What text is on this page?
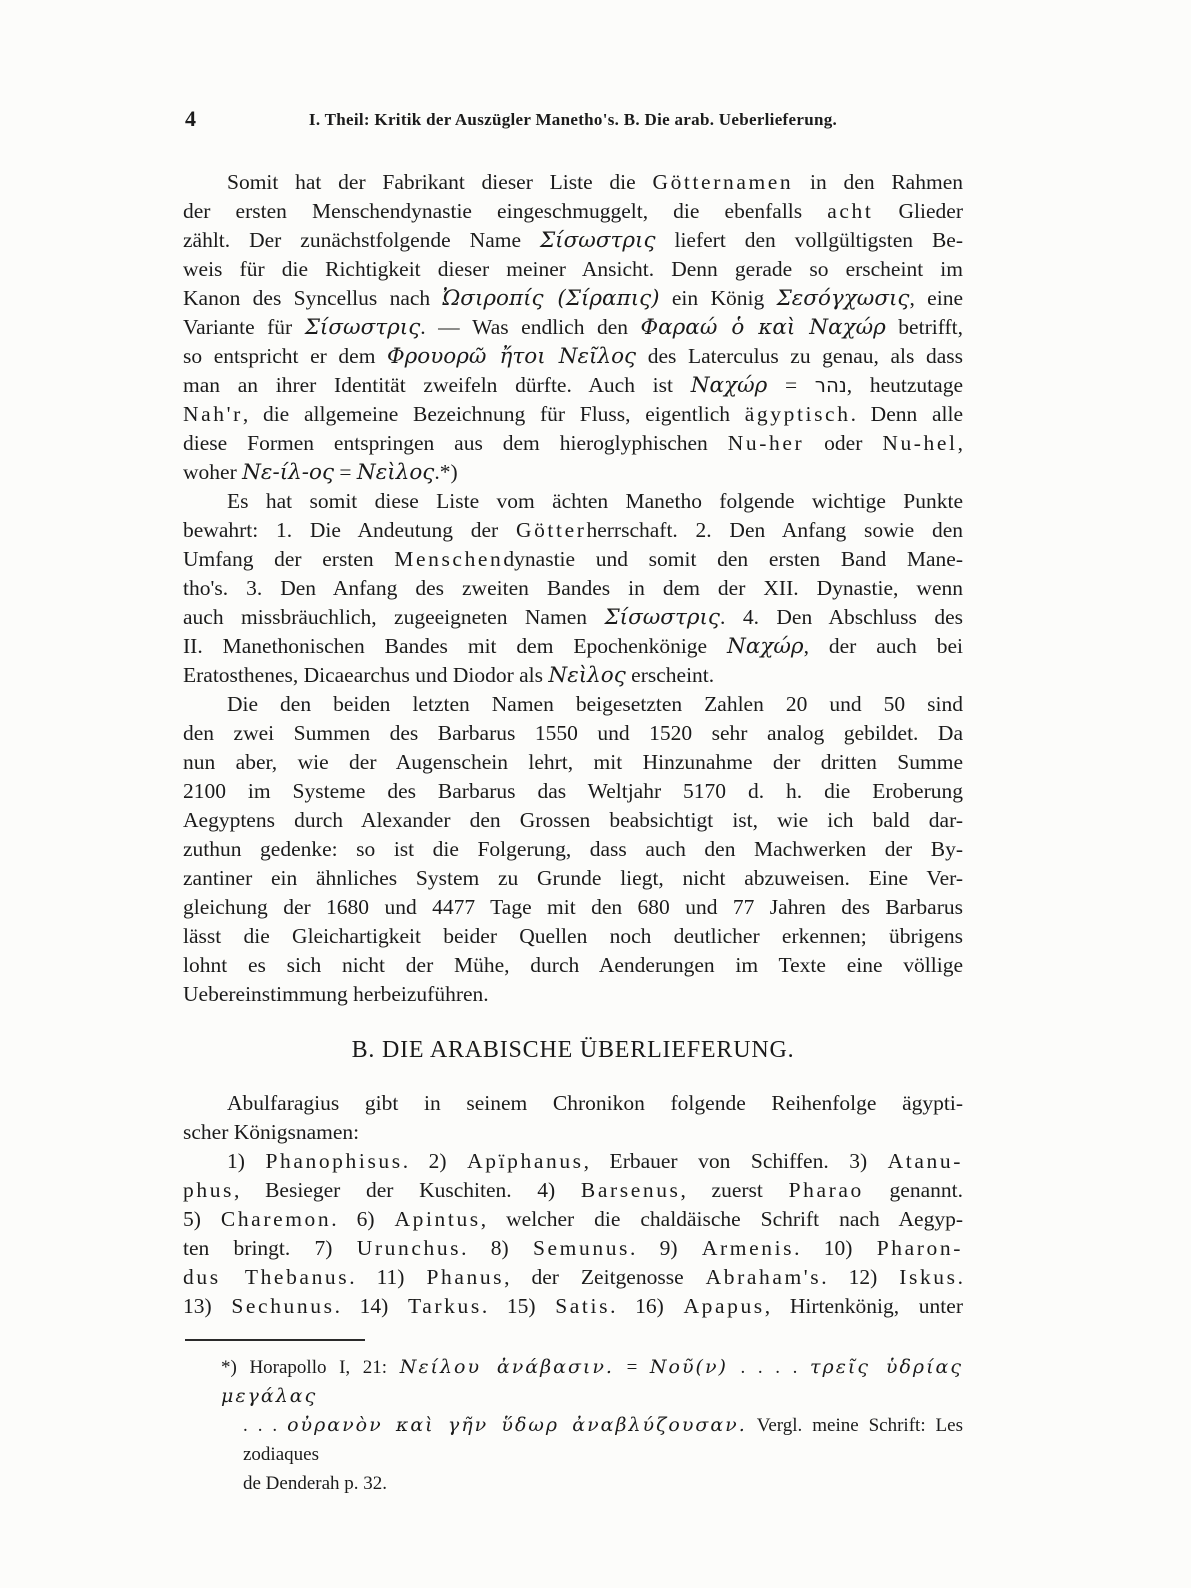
4	I. Theil: Kritik der Auszügler Manetho's. B. Die arab. Ueberlieferung.
Somit hat der Fabrikant dieser Liste die Götternamen in den Rahmen
der ersten Menschendynastie eingeschmuggelt, die ebenfalls acht Glieder
zählt. Der zunächstfolgende Name Σίσωστρις liefert den vollgültigsten Be-
weis für die Richtigkeit dieser meiner Ansicht. Denn gerade so erscheint im
Kanon des Syncellus nach Ὠσιροπίς (Σίραπις) ein König Σεσόγχωσις, eine
Variante für Σίσωστρις. — Was endlich den Φαραώ ὁ καὶ Ναχώρ betrifft,
so entspricht er dem Φρουορῶ ἤτοι Νεῖλος des Laterculus zu genau, als dass
man an ihrer Identität zweifeln dürfte. Auch ist Ναχώρ = נהר, heutzutage
Nah'r, die allgemeine Bezeichnung für Fluss, eigentlich ägyptisch. Denn alle
diese Formen entspringen aus dem hieroglyphischen Nu-her oder Nu-hel,
woher Νε-ίλ-ος = Νεὶλος.*)
Es hat somit diese Liste vom ächten Manetho folgende wichtige Punkte
bewahrt: 1. Die Andeutung der Götterherrschaft. 2. Den Anfang sowie den
Umfang der ersten Menschendynastie und somit den ersten Band Mane-
tho's. 3. Den Anfang des zweiten Bandes in dem der XII. Dynastie, wenn
auch missbräuchlich, zugeeigneten Namen Σίσωστρις. 4. Den Abschluss des
II. Manethonischen Bandes mit dem Epochenkönige Ναχώρ, der auch bei
Eratosthenes, Dicaearchus und Diodor als Νεὶλος erscheint.
Die den beiden letzten Namen beigesetzten Zahlen 20 und 50 sind
den zwei Summen des Barbarus 1550 und 1520 sehr analog gebildet. Da
nun aber, wie der Augenschein lehrt, mit Hinzunahme der dritten Summe
2100 im Systeme des Barbarus das Weltjahr 5170 d. h. die Eroberung
Aegyptens durch Alexander den Grossen beabsichtigt ist, wie ich bald dar-
zuthun gedenke: so ist die Folgerung, dass auch den Machwerken der By-
zantiner ein ähnliches System zu Grunde liegt, nicht abzuweisen. Eine Ver-
gleichung der 1680 und 4477 Tage mit den 680 und 77 Jahren des Barbarus
lässt die Gleichartigkeit beider Quellen noch deutlicher erkennen; übrigens
lohnt es sich nicht der Mühe, durch Aenderungen im Texte eine völlige
Uebereinstimmung herbeizuführen.
B. DIE ARABISCHE ÜBERLIEFERUNG.
Abulfaragius gibt in seinem Chronikon folgende Reihenfolge ägypti-
scher Königsnamen:
1) Phanophisus. 2) Apïphanus, Erbauer von Schiffen. 3) Atanu-
phus, Besieger der Kuschiten. 4) Barsenus, zuerst Pharao genannt.
5) Charemon. 6) Apintus, welcher die chaldäische Schrift nach Aegyp-
ten bringt. 7) Urunchus. 8) Semunus. 9) Armenis. 10) Pharon-
dus Thebanus. 11) Phanus, der Zeitgenosse Abraham's. 12) Iskus.
13) Sechunus. 14) Tarkus. 15) Satis. 16) Apapus, Hirtenkönig, unter
*) Horapollo I, 21: Νείλου ἀνάβασιν. = Νοῦ(ν) . . . . τρεῖς ὑδρίας μεγάλας
. . . οὐρανὸν καὶ γῆν ὕδωρ ἀναβλύζουσαν. Vergl. meine Schrift: Les zodiaques
de Denderah p. 32.
